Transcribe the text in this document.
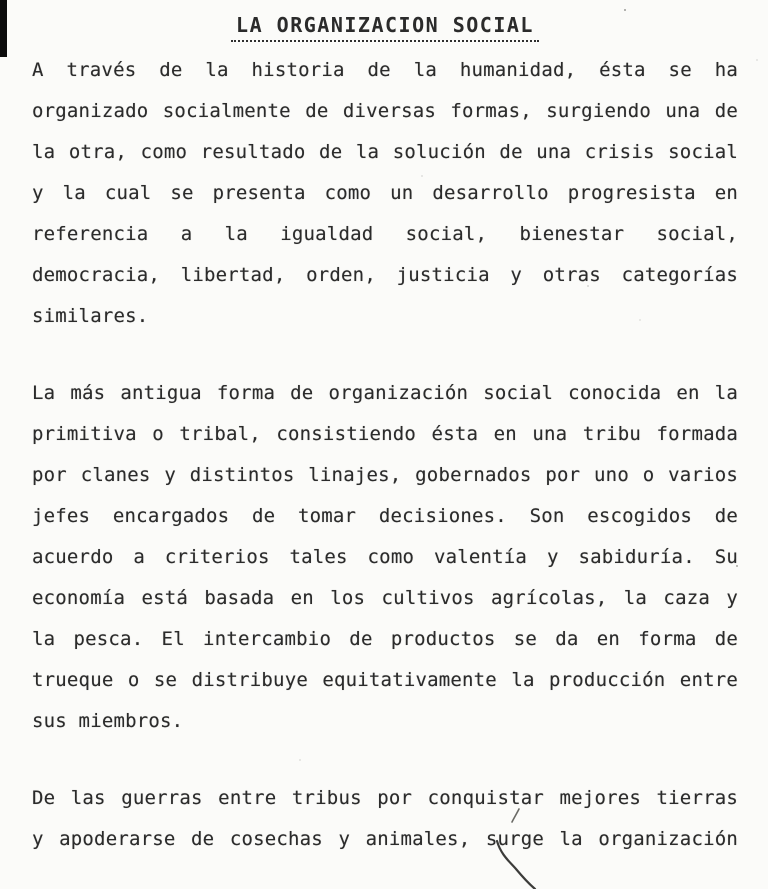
LA ORGANIZACION SOCIAL
A través de la historia de la humanidad, ésta se ha
organizado socialmente de diversas formas, surgiendo una de
la otra, como resultado de la solución de una crisis social
y la cual se presenta como un desarrollo progresista en
referencia a la igualdad social, bienestar social,
democracia, libertad, orden, justicia y otras categorías
similares.
La más antigua forma de organización social conocida en la
primitiva o tribal, consistiendo ésta en una tribu formada
por clanes y distintos linajes, gobernados por uno o varios
jefes encargados de tomar decisiones. Son escogidos de
acuerdo a criterios tales como valentía y sabiduría. Su
economía está basada en los cultivos agrícolas, la caza y
la pesca. El intercambio de productos se da en forma de
trueque o se distribuye equitativamente la producción entre
sus miembros.
De las guerras entre tribus por conquistar mejores tierras
y apoderarse de cosechas y animales, surge la organización
